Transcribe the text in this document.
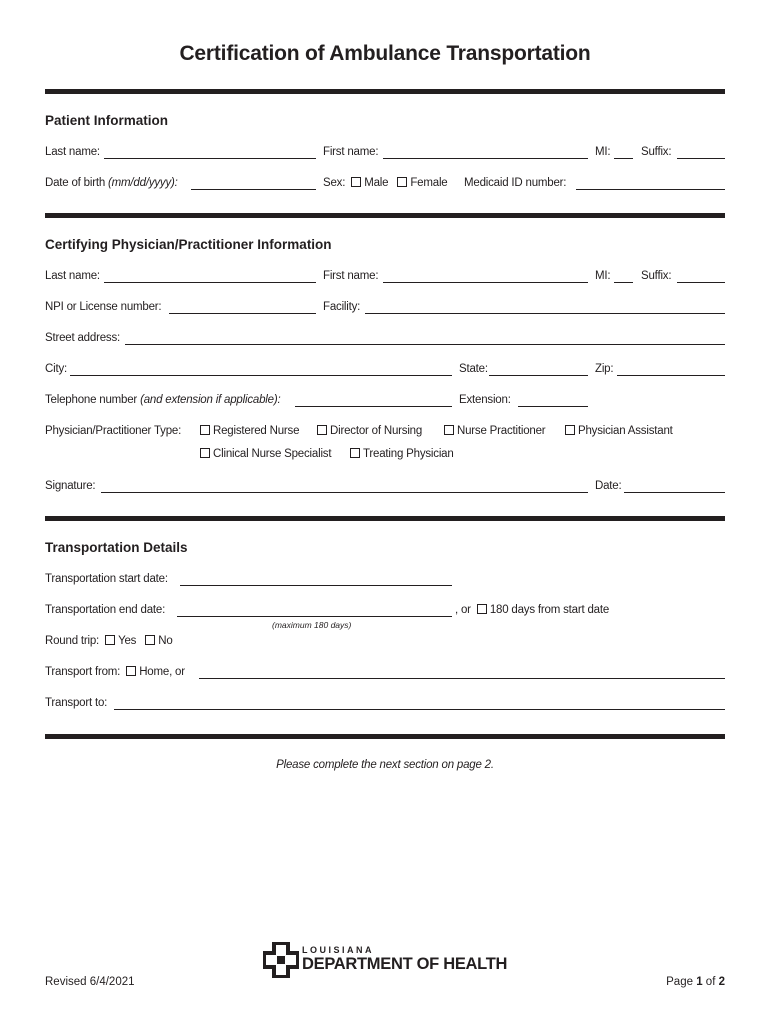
Certification of Ambulance Transportation
Patient Information
Last name:	First name:	MI:	Suffix:
Date of birth (mm/dd/yyyy):	Sex: Male Female Medicaid ID number:
Certifying Physician/Practitioner Information
Last name:	First name:	MI:	Suffix:
NPI or License number:	Facility:
Street address:
City:	State:	Zip:
Telephone number (and extension if applicable):	Extension:
Physician/Practitioner Type:	Registered Nurse	Director of Nursing	Nurse Practitioner	Physician Assistant
Clinical Nurse Specialist	Treating Physician
Signature:	Date:
Transportation Details
Transportation start date:
Transportation end date:	, or 180 days from start date
(maximum 180 days)
Round trip: Yes No
Transport from: Home, or
Transport to:
Please complete the next section on page 2.
LOUISIANA
DEPARTMENT OF HEALTH
Revised 6/4/2021	Page 1 of 2
